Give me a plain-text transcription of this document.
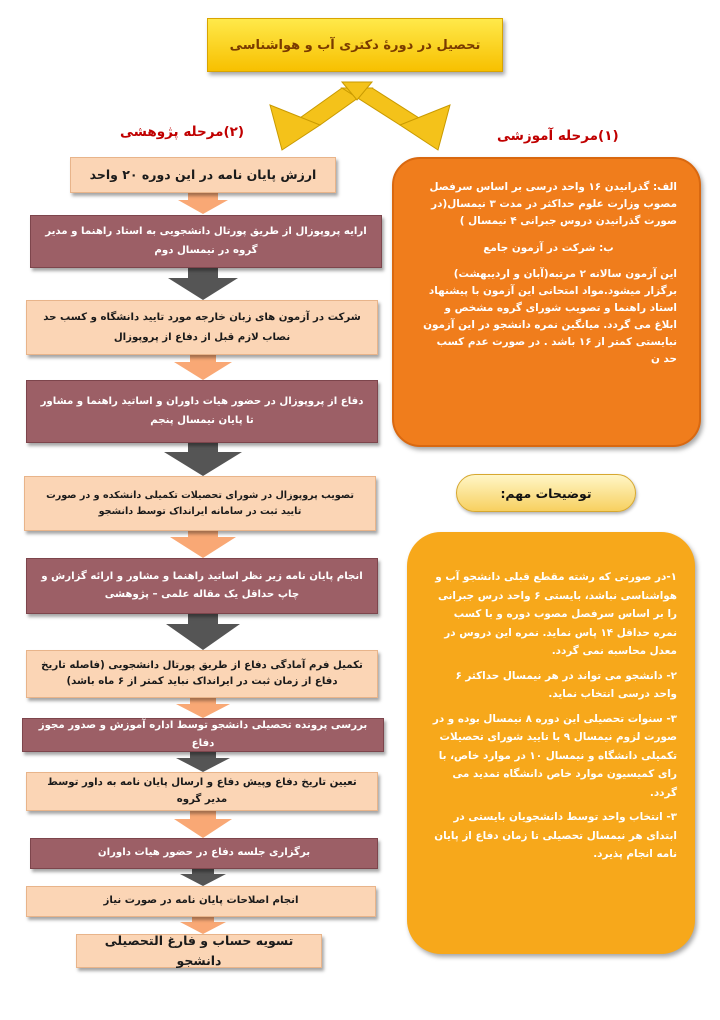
تحصیل در دورهٔ دکتری آب و هواشناسی
(۲)مرحله پژوهشی	(۱)مرحله آموزشی
ارزش پایان نامه در این دوره ۲۰ واحد
ارایه پروپوزال از طریق پورتال دانشجویی به استاد راهنما و مدیر گروه در نیمسال دوم
شرکت در آزمون های زبان خارجه مورد تایید دانشگاه و کسب حد نصاب لازم قبل از دفاع از پروپوزال
دفاع از پروپوزال در حضور هیات داوران و اساتید راهنما و مشاور تا پایان نیمسال پنجم
تصویب پروپوزال در شورای تحصیلات تکمیلی دانشکده و در صورت تایید ثبت در سامانه ایرانداک توسط دانشجو
انجام پایان نامه زیر نظر اساتید راهنما و مشاور و ارائه گزارش و چاپ حداقل یک مقاله علمی – پژوهشی
تکمیل فرم آمادگی دفاع از طریق پورتال دانشجویی (فاصله تاریخ دفاع از زمان ثبت در ایرانداک نباید کمتر از ۶ ماه باشد)
بررسی پرونده تحصیلی دانشجو توسط اداره آموزش و صدور مجوز دفاع
تعیین تاریخ دفاع وپیش دفاع و ارسال پایان نامه به داور توسط مدیر گروه
برگزاری جلسه دفاع در حضور هیات داوران
انجام اصلاحات پایان نامه در صورت نیاز
تسویه حساب و فارغ التحصیلی دانشجو

الف: گذرانیدن ۱۶ واحد درسی بر اساس سرفصل مصوب وزارت علوم حداکثر در مدت ۳ نیمسال(در صورت گذرانیدن دروس جبرانی ۴ نیمسال )

ب: شرکت در آزمون جامع

این آزمون سالانه ۲ مرتبه(آبان و اردیبهشت) برگزار میشود.مواد امتحانی این آزمون با پیشنهاد استاد راهنما و تصویب شورای گروه مشخص و ابلاغ می گردد. میانگین نمره دانشجو در این آزمون نبایستی کمتر از ۱۶ باشد . در صورت عدم کسب حد ن

توضیحات مهم:

۱-در صورتی که رشته مقطع قبلی دانشجو آب و هواشناسی نباشد، بایستی ۶ واحد درس جبرانی را بر اساس سرفصل مصوب دوره و با کسب نمره حداقل ۱۴ پاس نماید. نمره این دروس در معدل محاسبه نمی گردد.

۲- دانشجو می تواند در هر نیمسال حداکثر ۶ واحد درسی انتخاب نماید.

۳- سنوات تحصیلی این دوره ۸ نیمسال بوده و در صورت لزوم نیمسال ۹ با تایید شورای تحصیلات تکمیلی دانشگاه و نیمسال ۱۰ در موارد خاص، با رای کمیسیون موارد خاص دانشگاه تمدید می گردد.

۳- انتخاب واحد توسط دانشجویان بایستی در ابتدای هر نیمسال تحصیلی تا زمان دفاع از پایان نامه انجام پذیرد.
